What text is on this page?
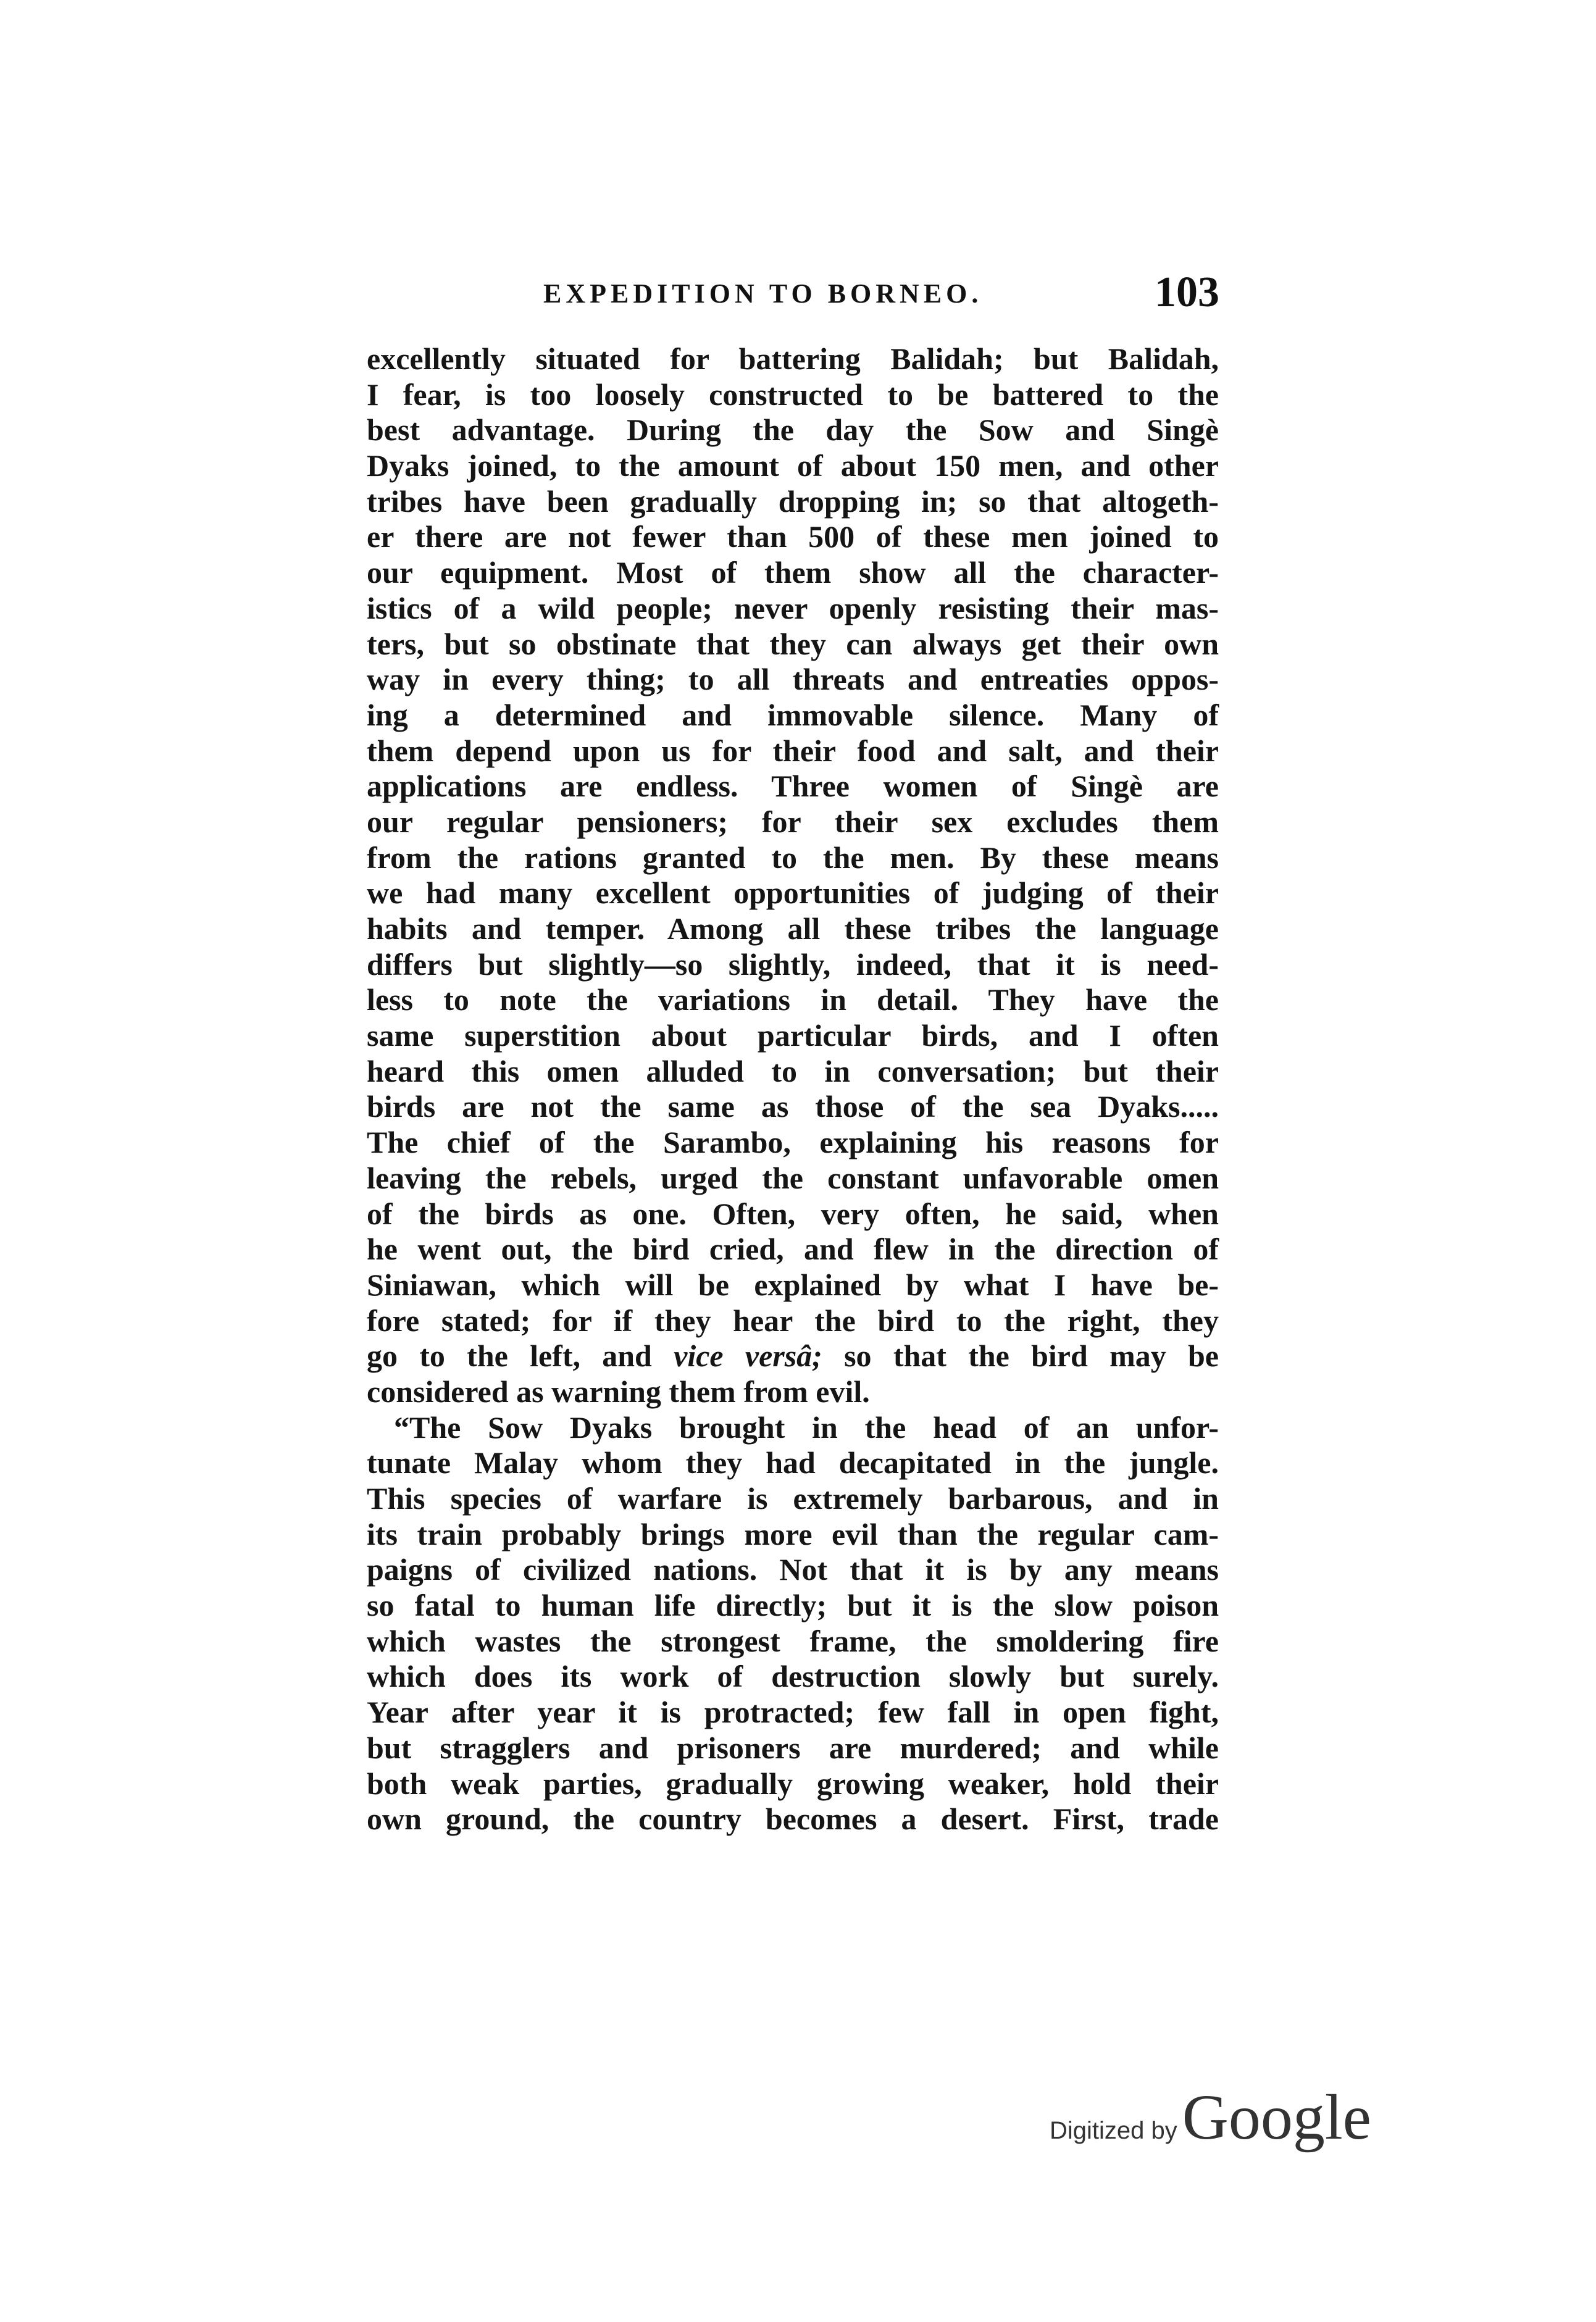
EXPEDITION TO BORNEO.	103
excellently situated for battering Balidah; but Balidah,
I fear, is too loosely constructed to be battered to the
best advantage. During the day the Sow and Singè
Dyaks joined, to the amount of about 150 men, and other
tribes have been gradually dropping in; so that altogeth-
er there are not fewer than 500 of these men joined to
our equipment. Most of them show all the character-
istics of a wild people; never openly resisting their mas-
ters, but so obstinate that they can always get their own
way in every thing; to all threats and entreaties oppos-
ing a determined and immovable silence. Many of
them depend upon us for their food and salt, and their
applications are endless. Three women of Singè are
our regular pensioners; for their sex excludes them
from the rations granted to the men. By these means
we had many excellent opportunities of judging of their
habits and temper. Among all these tribes the language
differs but slightly—so slightly, indeed, that it is need-
less to note the variations in detail. They have the
same superstition about particular birds, and I often
heard this omen alluded to in conversation; but their
birds are not the same as those of the sea Dyaks.....
The chief of the Sarambo, explaining his reasons for
leaving the rebels, urged the constant unfavorable omen
of the birds as one. Often, very often, he said, when
he went out, the bird cried, and flew in the direction of
Siniawan, which will be explained by what I have be-
fore stated; for if they hear the bird to the right, they
go to the left, and vice versâ; so that the bird may be
considered as warning them from evil.
“The Sow Dyaks brought in the head of an unfor-
tunate Malay whom they had decapitated in the jungle.
This species of warfare is extremely barbarous, and in
its train probably brings more evil than the regular cam-
paigns of civilized nations. Not that it is by any means
so fatal to human life directly; but it is the slow poison
which wastes the strongest frame, the smoldering fire
which does its work of destruction slowly but surely.
Year after year it is protracted; few fall in open fight,
but stragglers and prisoners are murdered; and while
both weak parties, gradually growing weaker, hold their
own ground, the country becomes a desert. First, trade
Digitized byGoogle
